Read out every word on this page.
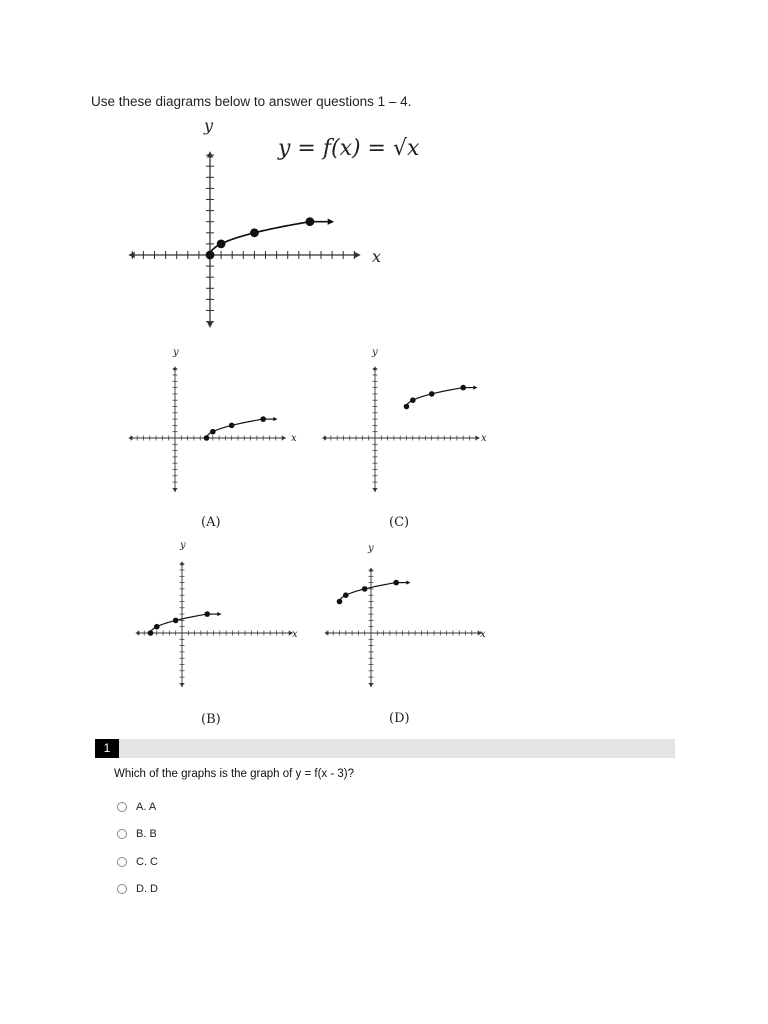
Use these diagrams below to answer questions 1 – 4.

y = f(x) = √x
y
x
y
x
(A)
y
x
(C)
y
x
(B)
y
x
(D)
1
Which of the graphs is the graph of y = f(x - 3)?
A. A
B. B
C. C
D. D
